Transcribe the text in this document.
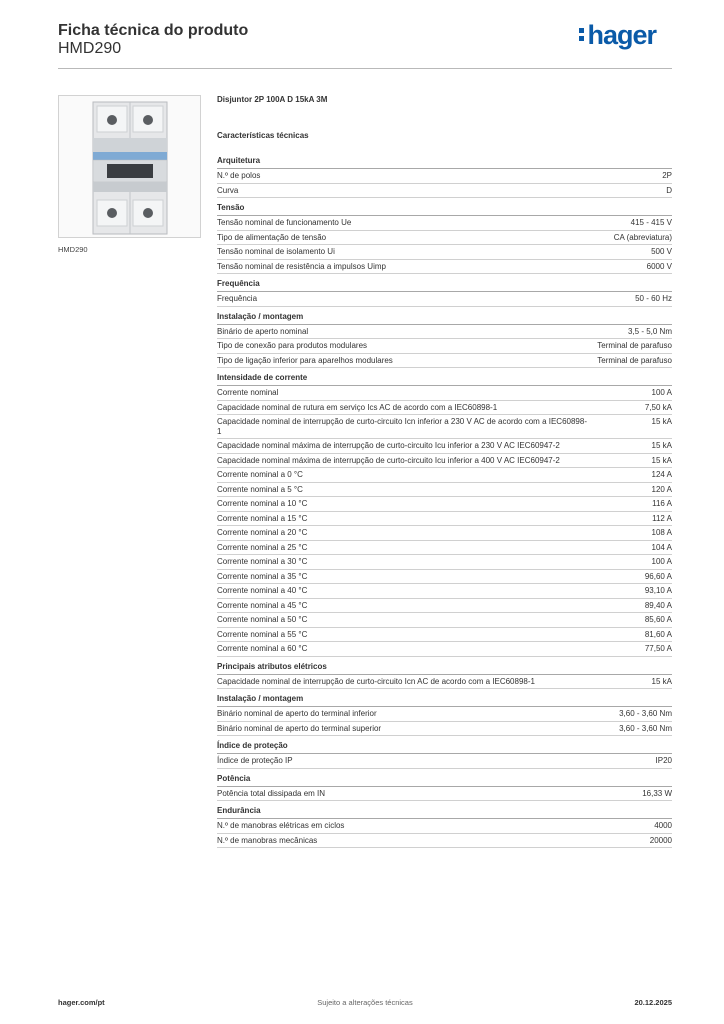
Ficha técnica do produto
HMD290	hager
HMD290
Disjuntor 2P 100A D 15kA 3M
Características técnicas
Arquitetura
N.º de polos	2P
Curva	D
Tensão
Tensão nominal de funcionamento Ue	415 - 415 V
Tipo de alimentação de tensão	CA (abreviatura)
Tensão nominal de isolamento Ui	500 V
Tensão nominal de resistência a impulsos Uimp	6000 V
Frequência
Frequência	50 - 60 Hz
Instalação / montagem
Binário de aperto nominal	3,5 - 5,0 Nm
Tipo de conexão para produtos modulares	Terminal de parafuso
Tipo de ligação inferior para aparelhos modulares	Terminal de parafuso
Intensidade de corrente
Corrente nominal	100 A
Capacidade nominal de rutura em serviço Ics AC de acordo com a IEC60898-1	7,50 kA
Capacidade nominal de interrupção de curto-circuito Icn inferior a 230 V AC de acordo com a IEC60898-1
15 kA
Capacidade nominal máxima de interrupção de curto-circuito Icu inferior a 230 V AC IEC60947-2	15 kA
Capacidade nominal máxima de interrupção de curto-circuito Icu inferior a 400 V AC IEC60947-2	15 kA
Corrente nominal a 0 °C	124 A
Corrente nominal a 5 °C	120 A
Corrente nominal a 10 °C	116 A
Corrente nominal a 15 °C	112 A
Corrente nominal a 20 °C	108 A
Corrente nominal a 25 °C	104 A
Corrente nominal a 30 °C	100 A
Corrente nominal a 35 °C	96,60 A
Corrente nominal a 40 °C	93,10 A
Corrente nominal a 45 °C	89,40 A
Corrente nominal a 50 °C	85,60 A
Corrente nominal a 55 °C	81,60 A
Corrente nominal a 60 °C	77,50 A
Principais atributos elétricos
Capacidade nominal de interrupção de curto-circuito Icn AC de acordo com a IEC60898-1	15 kA
Instalação / montagem
Binário nominal de aperto do terminal inferior	3,60 - 3,60 Nm
Binário nominal de aperto do terminal superior	3,60 - 3,60 Nm
Índice de proteção
Índice de proteção IP	IP20
Potência
Potência total dissipada em IN	16,33 W
Endurância
N.º de manobras elétricas em ciclos	4000
N.º de manobras mecânicas	20000
Sujeito a alterações técnicas
hager.com/pt	20.12.2025
